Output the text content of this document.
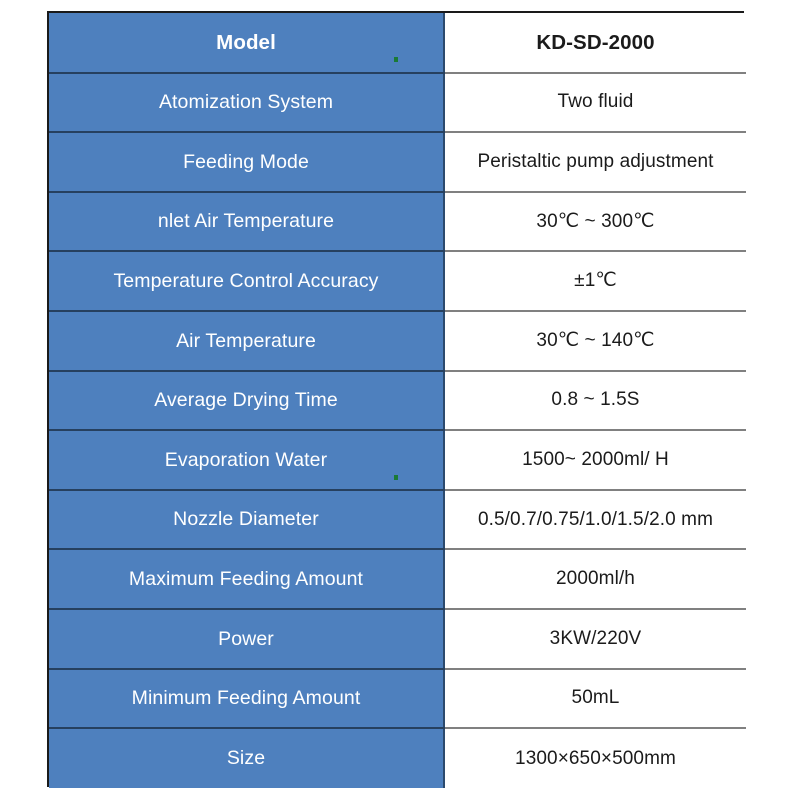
Model	KD-SD-2000
Atomization System	Two fluid
Feeding Mode	Peristaltic pump adjustment
nlet Air Temperature	30℃ ~ 300℃
Temperature Control Accuracy	±1℃
Air Temperature	30℃ ~ 140℃
Average Drying Time	0.8 ~ 1.5S
Evaporation Water	1500~ 2000ml/ H
Nozzle Diameter	0.5/0.7/0.75/1.0/1.5/2.0 mm
Maximum Feeding Amount	2000ml/h
Power	3KW/220V
Minimum Feeding Amount	50mL
Size	1300×650×500mm
